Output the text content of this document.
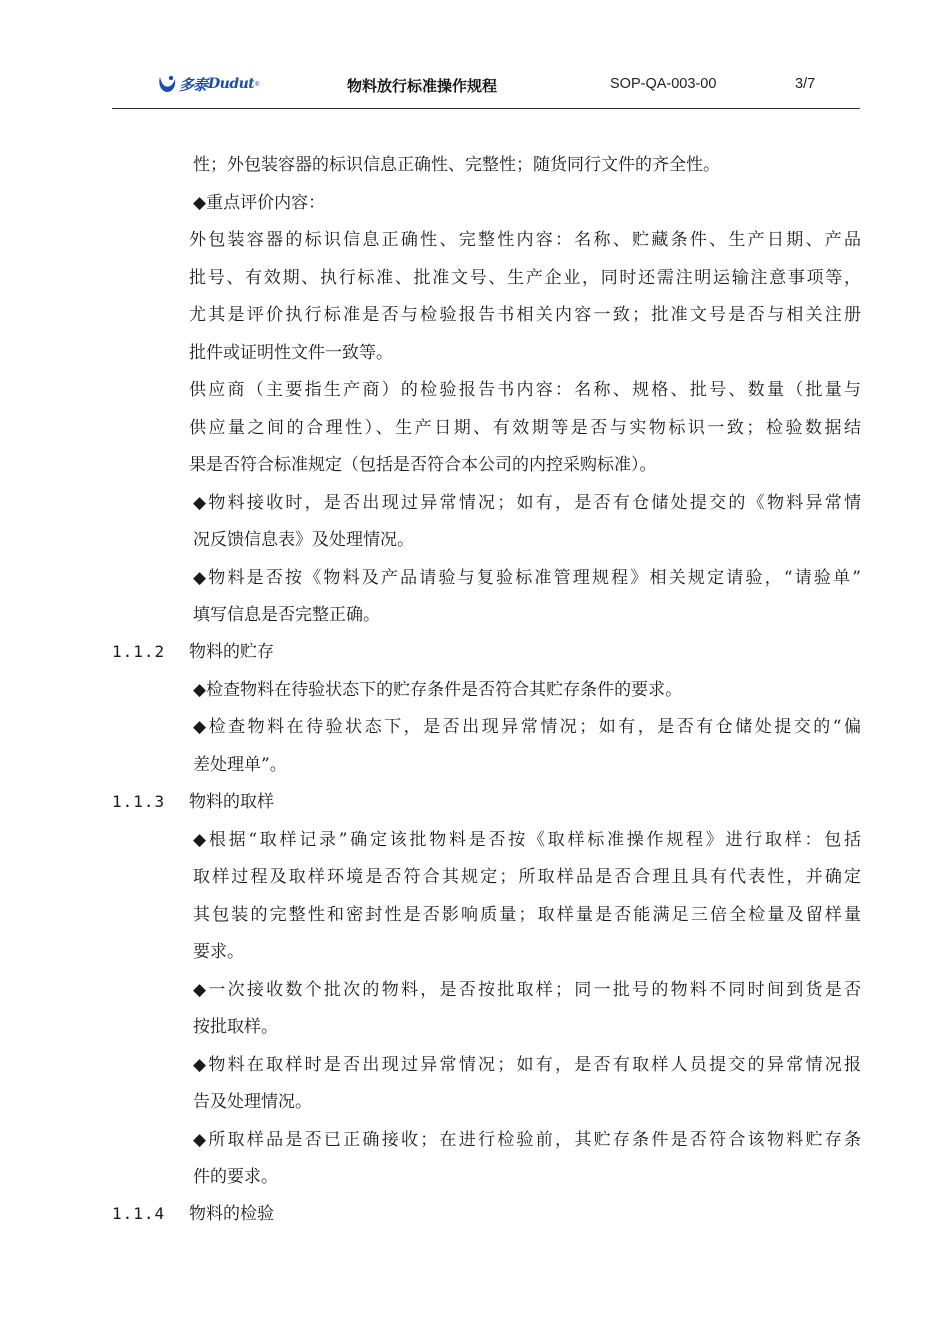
多泰 Dudut ®	物料放行标准操作规程	SOP-QA-003-00	3/7
性；外包装容器的标识信息正确性、完整性；随货同行文件的齐全性。
◆重点评价内容：
外包装容器的标识信息正确性、完整性内容：名称、贮藏条件、生产日期、产品
批号、有效期、执行标准、批准文号、生产企业，同时还需注明运输注意事项等，
尤其是评价执行标准是否与检验报告书相关内容一致；批准文号是否与相关注册
批件或证明性文件一致等。
供应商（主要指生产商）的检验报告书内容：名称、规格、批号、数量（批量与
供应量之间的合理性）、生产日期、有效期等是否与实物标识一致；检验数据结
果是否符合标准规定（包括是否符合本公司的内控采购标准）。
◆物料接收时，是否出现过异常情况；如有，是否有仓储处提交的《物料异常情
况反馈信息表》及处理情况。
◆物料是否按《物料及产品请验与复验标准管理规程》相关规定请验，“请验单”
填写信息是否完整正确。
1.1.2 物料的贮存
◆检查物料在待验状态下的贮存条件是否符合其贮存条件的要求。
◆检查物料在待验状态下，是否出现异常情况；如有，是否有仓储处提交的“偏
差处理单”。
1.1.3 物料的取样
◆根据“取样记录”确定该批物料是否按《取样标准操作规程》进行取样：包括
取样过程及取样环境是否符合其规定；所取样品是否合理且具有代表性，并确定
其包装的完整性和密封性是否影响质量；取样量是否能满足三倍全检量及留样量
要求。
◆一次接收数个批次的物料，是否按批取样；同一批号的物料不同时间到货是否
按批取样。
◆物料在取样时是否出现过异常情况；如有，是否有取样人员提交的异常情况报
告及处理情况。
◆所取样品是否已正确接收；在进行检验前，其贮存条件是否符合该物料贮存条
件的要求。
1.1.4 物料的检验
